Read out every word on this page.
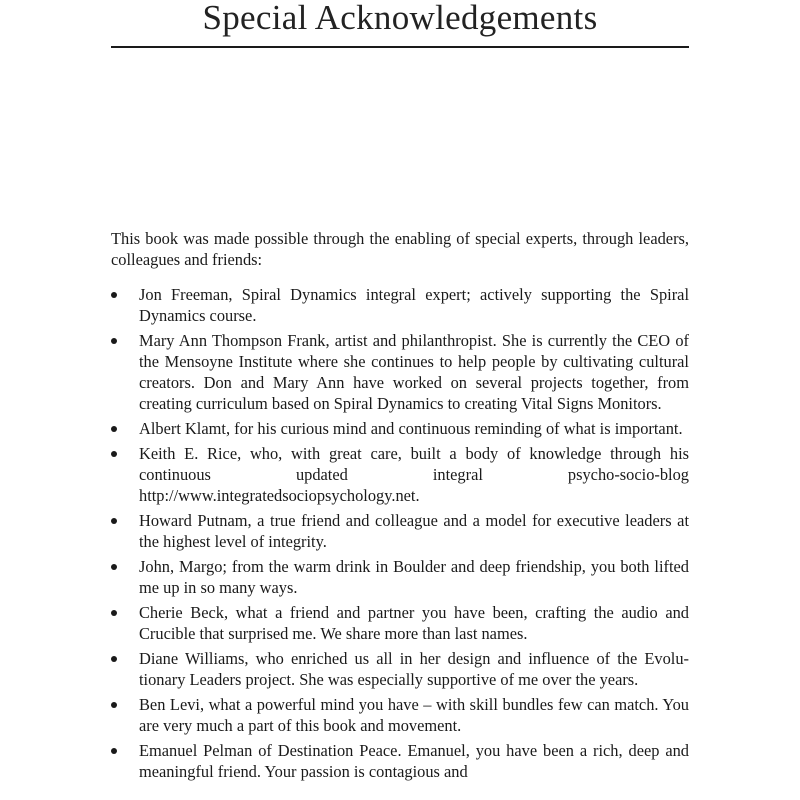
Special Acknowledgements

This book was made possible through the enabling of special experts, through leaders, colleagues and friends:

Jon Freeman, Spiral Dynamics integral expert; actively supporting the Spiral Dynamics course.
Mary Ann Thompson Frank, artist and philanthropist. She is currently the CEO of the Mensoyne Institute where she continues to help people by cultivating cultural creators. Don and Mary Ann have worked on several projects together, from creating curriculum based on Spiral Dynamics to creating Vital Signs Monitors.
Albert Klamt, for his curious mind and continuous reminding of what is important.
Keith E. Rice, who, with great care, built a body of knowledge through his continuous updated integral psycho-socio-blog http://www.integratedsociopsychology.net.
Howard Putnam, a true friend and colleague and a model for executive leaders at the highest level of integrity.
John, Margo; from the warm drink in Boulder and deep friendship, you both lifted me up in so many ways.
Cherie Beck, what a friend and partner you have been, crafting the audio and Crucible that surprised me. We share more than last names.
Diane Williams, who enriched us all in her design and influence of the Evolutionary Leaders project. She was especially supportive of me over the years.
Ben Levi, what a powerful mind you have – with skill bundles few can match. You are very much a part of this book and movement.
Emanuel Pelman of Destination Peace. Emanuel, you have been a rich, deep and meaningful friend. Your passion is contagious and
